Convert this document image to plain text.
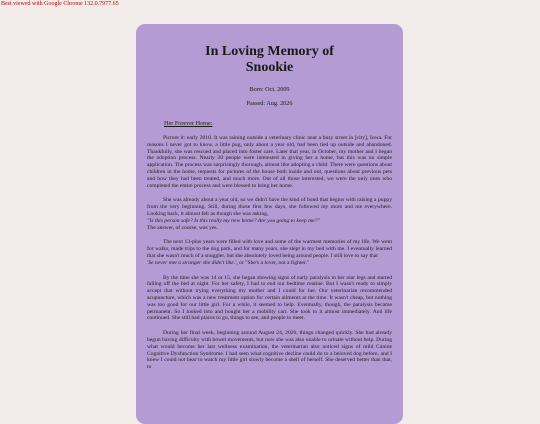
Best viewed with Google Chrome 132.0.7977.65
In Loving Memory of
Snookie
Born: Oct. 2009
Passed: Aug. 2026
Her Forever Home:
Picture it: early 2010. It was raining outside a veterinary clinic near a busy street in [city], Iowa. For reasons I never got to know, a little pug, only about a year old, had been tied up outside and abandoned. Thankfully, she was rescued and placed into foster care. Later that year, in October, my mother and I began the adoption process. Nearly 20 people were interested in giving her a home, but this was no simple application. The process was surprisingly thorough, almost like adopting a child. There were questions about children in the home, requests for pictures of the house both inside and out, questions about previous pets and how they had been treated, and much more. Out of all those interested, we were the only ones who completed the entire process and were blessed to bring her home.
She was already about a year old, so we didn't have the kind of bond that begins with raising a puppy from the very beginning. Still, during those first few days, she followed my mom and me everywhere. Looking back, it almost felt as though she was asking,
"Is this person safe? Is this really my new home? Are you going to keep me?"
The answer, of course, was yes.
The next 13-plus years were filled with love and some of the warmest memories of my life. We went for walks, made trips to the dog park, and for many years, she slept in my bed with me. I eventually learned that she wasn't much of a snuggler, but she absolutely loved being around people. I still love to say that
'Se never met a stranger she didn't like.', or "She's a lover, not a fighter."
By the time she was 14 or 15, she began showing signs of early paralysis in her rear legs and started falling off the bed at night. For her safety, I had to end our bedtime routine. But I wasn't ready to simply accept that without trying everything my mother and I could for her. Our veterinarian recommended acupuncture, which was a new treatment option for certain ailments at the time. It wasn't cheap, but nothing was too good for our little girl. For a while, it seemed to help. Eventually, though, the paralysis became permanent. So I looked into and bought her a mobility cart. She took to it almost immediately. And life continued. She still had places to go, things to see, and people to meet.
During her final week, beginning around August 24, 2026, things changed quickly. She had already begun having difficulty with bowel movements, but now she was also unable to urinate without help. During what would become her last wellness examination, the veterinarian also noticed signs of mild Canine Cognitive Dysfunction Syndrome. I had seen what cognitive decline could do to a beloved dog before, and I knew I could not bear to watch my little girl slowly become a shell of herself. She deserved better than that, to
